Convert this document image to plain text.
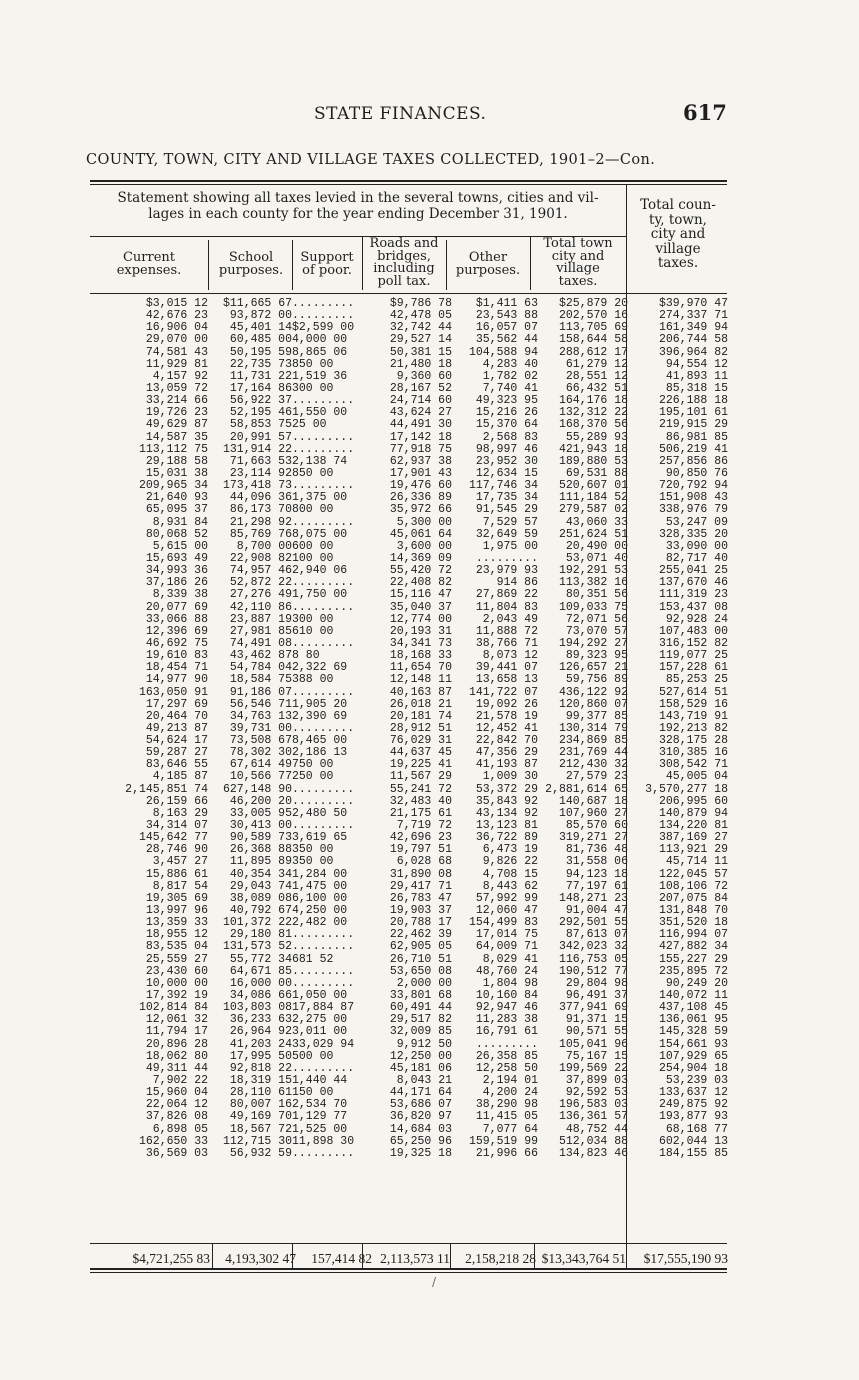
STATE FINANCES.	617
COUNTY, TOWN, CITY AND VILLAGE TAXES COLLECTED, 1901–2—Con.
Statement showing all taxes levied in the several towns, cities and vil-
lages in each county for the year ending December 31, 1901.
Total coun-
ty, town,
city and
village
taxes.
Current
expenses.
School
purposes.
Support
of poor.
Roads and
bridges,
including
poll tax.
Other
purposes.
Total town
city and
village
taxes.
$3,015 12	$11,665 67 .........	$9,786 78	$1,411 63	$25,879 20	$39,970 47
42,676 23	93,872 00 .........	42,478 05	23,543 88	202,570 16	274,337 71
16,906 04	45,401 14 $2,599 00	32,742 44	16,057 07	113,705 69	161,349 94
29,070 00	60,485 00 4,000 00	29,527 14	35,562 44	158,644 58	206,744 58
74,581 43	50,195 59 8,865 06	50,381 15	104,588 94	288,612 17	396,964 82
11,929 81	22,735 73 850 00	21,480 18	4,283 40	61,279 12	94,554 12
4,157 92	11,731 22 1,519 36	9,360 60	1,782 02	28,551 12	41,893 11
13,059 72	17,164 86 300 00	28,167 52	7,740 41	66,432 51	85,318 15
33,214 66	56,922 37 .........	24,714 60	49,323 95	164,176 18	226,188 18
19,726 23	52,195 46 1,550 00	43,624 27	15,216 26	132,312 22	195,101 61
49,629 87	58,853 75 25 00	44,491 30	15,370 64	168,370 56	219,915 29
14,587 35	20,991 57 .........	17,142 18	2,568 83	55,289 93	86,981 85
113,112 75	131,914 22 .........	77,918 75	98,997 46	421,943 18	506,219 41
29,188 58	71,663 53 2,138 74	62,937 38	23,952 30	189,880 53	257,856 86
15,031 38	23,114 92 850 00	17,901 43	12,634 15	69,531 88	90,850 76
209,965 34	173,418 73 .........	19,476 60	117,746 34	520,607 01	720,792 94
21,640 93	44,096 36 1,375 00	26,336 89	17,735 34	111,184 52	151,908 43
65,095 37	86,173 70 800 00	35,972 66	91,545 29	279,587 02	338,976 79
8,931 84	21,298 92 .........	5,300 00	7,529 57	43,060 33	53,247 09
80,068 52	85,769 76 8,075 00	45,061 64	32,649 59	251,624 51	328,335 20
5,615 00	8,700 00 600 00	3,600 00	1,975 00	20,490 00	33,090 00
15,693 49	22,908 82 100 00	14,369 09	.........	53,071 40	82,717 40
34,993 36	74,957 46 2,940 06	55,420 72	23,979 93	192,291 53	255,041 25
37,186 26	52,872 22 .........	22,408 82	914 86	113,382 16	137,670 46
8,339 38	27,276 49 1,750 00	15,116 47	27,869 22	80,351 56	111,319 23
20,077 69	42,110 86 .........	35,040 37	11,804 83	109,033 75	153,437 08
33,066 88	23,887 19 300 00	12,774 00	2,043 49	72,071 56	92,928 24
12,396 69	27,981 85 610 00	20,193 31	11,888 72	73,070 57	107,483 00
46,692 75	74,491 08 .........	34,341 73	38,766 71	194,292 27	316,152 82
19,610 83	43,462 87 8 80	18,168 33	8,073 12	89,323 95	119,077 25
18,454 71	54,784 04 2,322 69	11,654 70	39,441 07	126,657 21	157,228 61
14,977 90	18,584 75 388 00	12,148 11	13,658 13	59,756 89	85,253 25
163,050 91	91,186 07 .........	40,163 87	141,722 07	436,122 92	527,614 51
17,297 69	56,546 71 1,905 20	26,018 21	19,092 26	120,860 07	158,529 16
20,464 70	34,763 13 2,390 69	20,181 74	21,578 19	99,377 85	143,719 91
49,213 87	39,731 00 .........	28,912 51	12,452 41	130,314 79	192,213 82
54,624 17	73,508 67 8,465 00	76,029 31	22,842 70	234,869 85	328,175 28
59,287 27	78,302 30 2,186 13	44,637 45	47,356 29	231,769 44	310,385 16
83,646 55	67,614 49 750 00	19,225 41	41,193 87	212,430 32	308,542 71
4,185 87	10,566 77 250 00	11,567 29	1,009 30	27,579 23	45,005 04
2,145,851 74	627,148 90 .........	55,241 72	53,372 29 2,881,614 65	3,570,277 18
26,159 66	46,200 20 .........	32,483 40	35,843 92	140,687 18	206,995 60
8,163 29	33,005 95 2,480 50	21,175 61	43,134 92	107,960 27	140,879 94
34,314 07	30,413 00 .........	7,719 72	13,123 81	85,570 60	134,220 81
145,642 77	90,589 73 3,619 65	42,696 23	36,722 89	319,271 27	387,169 27
28,746 90	26,368 88 350 00	19,797 51	6,473 19	81,736 48	113,921 29
3,457 27	11,895 89 350 00	6,028 68	9,826 22	31,558 06	45,714 11
15,886 61	40,354 34 1,284 00	31,890 08	4,708 15	94,123 18	122,045 57
8,817 54	29,043 74 1,475 00	29,417 71	8,443 62	77,197 61	108,106 72
19,305 69	38,089 08 6,100 00	26,783 47	57,992 99	148,271 23	207,075 84
13,997 96	40,792 67 4,250 00	19,903 37	12,060 47	91,004 47	131,848 70
13,359 33	101,372 22 2,482 00	20,788 17	154,499 83	292,501 55	351,520 18
18,955 12	29,180 81 .........	22,462 39	17,014 75	87,613 07	116,994 07
83,535 04	131,573 52 .........	62,905 05	64,009 71	342,023 32	427,882 34
25,559 27	55,772 34 681 52	26,710 51	8,029 41	116,753 05	155,227 29
23,430 60	64,671 85 .........	53,650 08	48,760 24	190,512 77	235,895 72
10,000 00	16,000 00 .........	2,000 00	1,804 98	29,804 98	90,249 20
17,392 19	34,086 66 1,050 00	33,801 68	10,160 84	96,491 37	140,072 11
102,814 84	103,803 08 17,884 87	60,491 44	92,947 46	377,941 69	437,108 45
12,061 32	36,233 63 2,275 00	29,517 82	11,283 38	91,371 15	136,061 95
11,794 17	26,964 92 3,011 00	32,009 85	16,791 61	90,571 55	145,328 59
20,896 28	41,203 24 33,029 94	9,912 50	.........	105,041 96	154,661 93
18,062 80	17,995 50 500 00	12,250 00	26,358 85	75,167 15	107,929 65
49,311 44	92,818 22 .........	45,181 06	12,258 50	199,569 22	254,904 18
7,902 22	18,319 15 1,440 44	8,043 21	2,194 01	37,899 03	53,239 03
15,960 04	28,110 61 150 00	44,171 64	4,200 24	92,592 53	133,637 12
22,064 12	80,007 16 2,534 70	53,686 07	38,290 98	196,583 03	249,875 92
37,826 08	49,169 70 1,129 77	36,820 97	11,415 05	136,361 57	193,877 93
6,898 05	18,567 72 1,525 00	14,684 03	7,077 64	48,752 44	68,168 77
162,650 33	112,715 30 11,898 30	65,250 96	159,519 99	512,034 88	602,044 13
36,569 03	56,932 59 .........	19,325 18	21,996 66	134,823 46	184,155 85
$4,721,255 83	4,193,302 47	157,414 82 2,113,573 11	2,158,218 28 $13,343,764 51	$17,555,190 93
/
